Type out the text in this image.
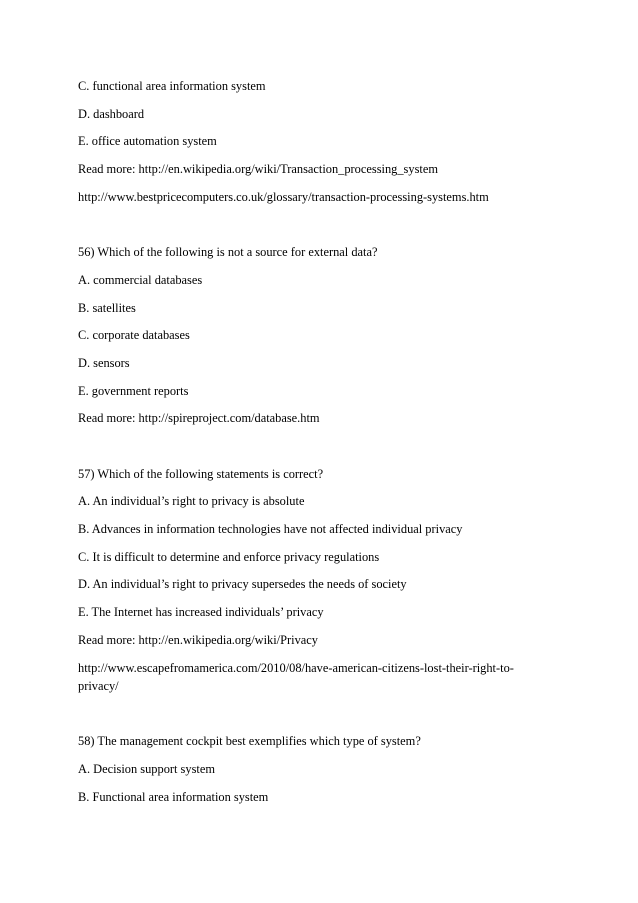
C. functional area information system

D. dashboard

E. office automation system

Read more: http://en.wikipedia.org/wiki/Transaction_processing_system

http://www.bestpricecomputers.co.uk/glossary/transaction-processing-systems.htm

56) Which of the following is not a source for external data?

A. commercial databases

B. satellites

C. corporate databases

D. sensors

E. government reports

Read more: http://spireproject.com/database.htm

57) Which of the following statements is correct?

A. An individual’s right to privacy is absolute

B. Advances in information technologies have not affected individual privacy

C. It is difficult to determine and enforce privacy regulations

D. An individual’s right to privacy supersedes the needs of society

E. The Internet has increased individuals’ privacy

Read more: http://en.wikipedia.org/wiki/Privacy

http://www.escapefromamerica.com/2010/08/have-american-citizens-lost-their-right-to-

privacy/

58) The management cockpit best exemplifies which type of system?

A. Decision support system

B. Functional area information system
